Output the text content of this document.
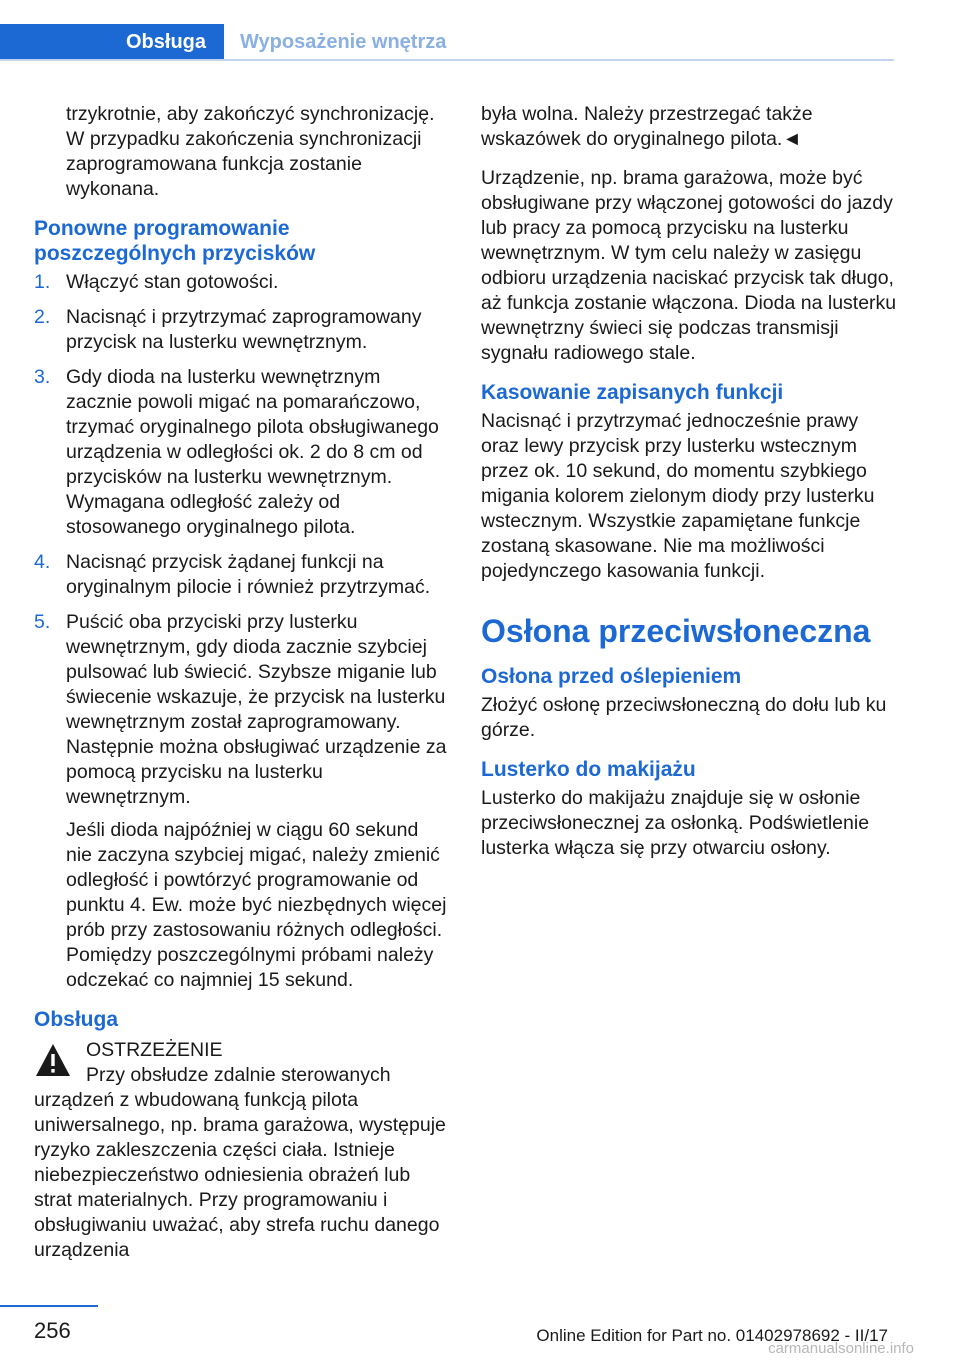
Obsługa	Wyposażenie wnętrza

trzykrotnie, aby zakończyć synchronizację. W przypadku zakończenia synchronizacji zaprogramowana funkcja zostanie wykonana.

Ponowne programowanie poszczególnych przycisków
1. Włączyć stan gotowości.
2. Nacisnąć i przytrzymać zaprogramowany przycisk na lusterku wewnętrznym.
3. Gdy dioda na lusterku wewnętrznym zacznie powoli migać na pomarańczowo, trzymać oryginalnego pilota obsługiwanego urządzenia w odległości ok. 2 do 8 cm od przycisków na lusterku wewnętrznym. Wymagana odległość zależy od stosowanego oryginalnego pilota.
4. Nacisnąć przycisk żądanej funkcji na oryginalnym pilocie i również przytrzymać.
5. Puścić oba przyciski przy lusterku wewnętrznym, gdy dioda zacznie szybciej pulsować lub świecić. Szybsze miganie lub świecenie wskazuje, że przycisk na lusterku wewnętrznym został zaprogramowany. Następnie można obsługiwać urządzenie za pomocą przycisku na lusterku wewnętrznym.
Jeśli dioda najpóźniej w ciągu 60 sekund nie zaczyna szybciej migać, należy zmienić odległość i powtórzyć programowanie od punktu 4. Ew. może być niezbędnych więcej prób przy zastosowaniu różnych odległości. Pomiędzy poszczególnymi próbami należy odczekać co najmniej 15 sekund.
Obsługa
OSTRZEŻENIE
Przy obsłudze zdalnie sterowanych urządzeń z wbudowaną funkcją pilota uniwersalnego, np. brama garażowa, występuje ryzyko zakleszczenia części ciała. Istnieje niebezpieczeństwo odniesienia obrażeń lub strat materialnych. Przy programowaniu i obsługiwaniu uważać, aby strefa ruchu danego urządzenia

była wolna. Należy przestrzegać także wskazówek do oryginalnego pilota.◄

Urządzenie, np. brama garażowa, może być obsługiwane przy włączonej gotowości do jazdy lub pracy za pomocą przycisku na lusterku wewnętrznym. W tym celu należy w zasięgu odbioru urządzenia naciskać przycisk tak długo, aż funkcja zostanie włączona. Dioda na lusterku wewnętrzny świeci się podczas transmisji sygnału radiowego stale.

Kasowanie zapisanych funkcji

Nacisnąć i przytrzymać jednocześnie prawy oraz lewy przycisk przy lusterku wstecznym przez ok. 10 sekund, do momentu szybkiego migania kolorem zielonym diody przy lusterku wstecznym. Wszystkie zapamiętane funkcje zostaną skasowane. Nie ma możliwości pojedynczego kasowania funkcji.

Osłona przeciwsłoneczna
Osłona przed oślepieniem

Złożyć osłonę przeciwsłoneczną do dołu lub ku górze.

Lusterko do makijażu

Lusterko do makijażu znajduje się w osłonie przeciwsłonecznej za osłonką. Podświetlenie lusterka włącza się przy otwarciu osłony.

256	Online Edition for Part no. 01402978692 - II/17
carmanualsonline.info
